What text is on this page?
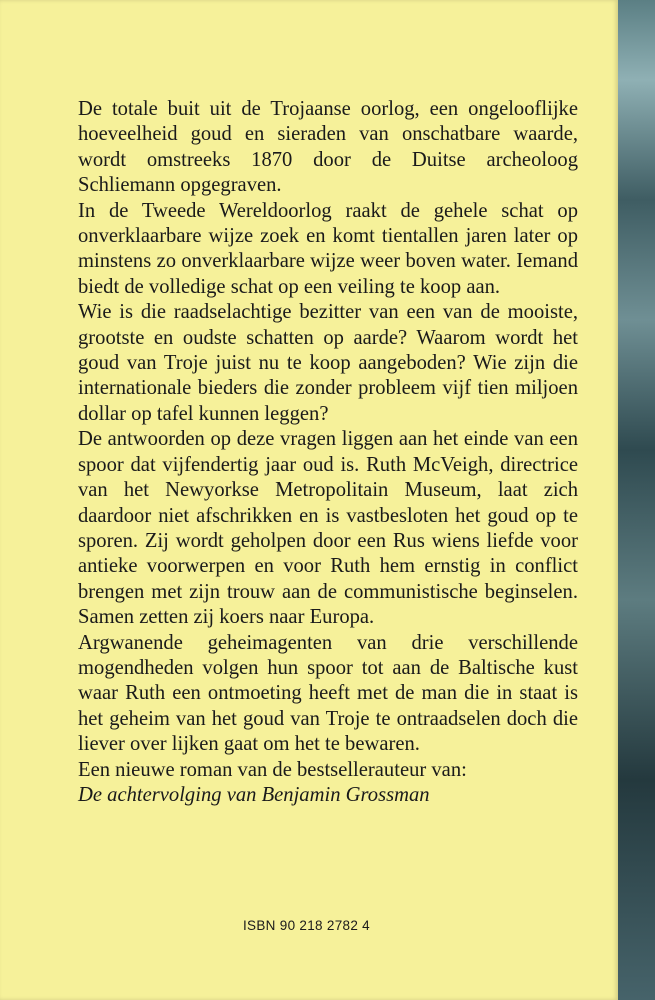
De totale buit uit de Trojaanse oorlog, een ongelooflijke hoeveelheid goud en sieraden van onschatbare waarde, wordt omstreeks 1870 door de Duitse archeoloog Schliemann opgegraven.

In de Tweede Wereldoorlog raakt de gehele schat op onverklaarbare wijze zoek en komt tientallen jaren later op minstens zo onverklaarbare wijze weer boven water. Iemand biedt de volledige schat op een veiling te koop aan.

Wie is die raadselachtige bezitter van een van de mooiste, grootste en oudste schatten op aarde? Waarom wordt het goud van Troje juist nu te koop aangeboden? Wie zijn die internationale bieders die zonder probleem vijf tien miljoen dollar op tafel kunnen leggen?

De antwoorden op deze vragen liggen aan het einde van een spoor dat vijfendertig jaar oud is. Ruth McVeigh, directrice van het Newyorkse Metropolitain Museum, laat zich daardoor niet afschrikken en is vastbesloten het goud op te sporen. Zij wordt geholpen door een Rus wiens liefde voor antieke voorwerpen en voor Ruth hem ernstig in conflict brengen met zijn trouw aan de communistische beginselen. Samen zetten zij koers naar Europa.

Argwanende geheimagenten van drie verschillende mogendheden volgen hun spoor tot aan de Baltische kust waar Ruth een ontmoeting heeft met de man die in staat is het geheim van het goud van Troje te ontraadselen doch die liever over lijken gaat om het te bewaren.

Een nieuwe roman van de bestsellerauteur van:

De achtervolging van Benjamin Grossman

ISBN 90 218 2782 4
